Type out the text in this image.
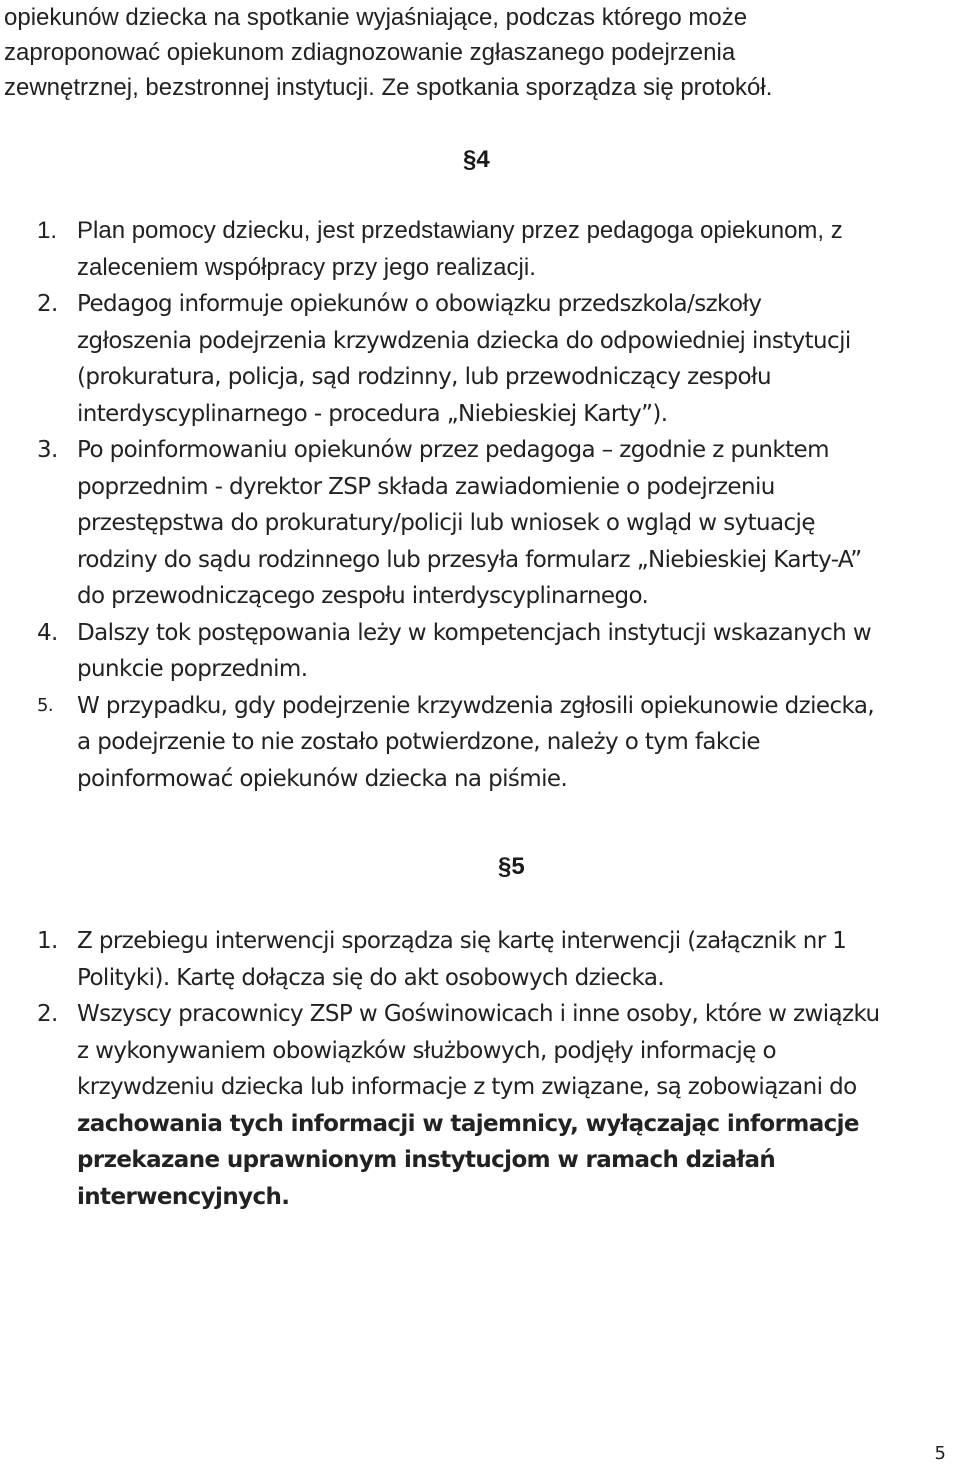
opiekunów dziecka na spotkanie wyjaśniające, podczas którego może
zaproponować opiekunom zdiagnozowanie zgłaszanego podejrzenia
zewnętrznej, bezstronnej instytucji. Ze spotkania sporządza się protokół.
§4
1. Plan pomocy dziecku, jest przedstawiany przez pedagoga opiekunom, z
zaleceniem współpracy przy jego realizacji.
2. Pedagog informuje opiekunów o obowiązku przedszkola/szkoły
zgłoszenia podejrzenia krzywdzenia dziecka do odpowiedniej instytucji
(prokuratura, policja, sąd rodzinny, lub przewodniczący zespołu
interdyscyplinarnego - procedura „Niebieskiej Karty”).
3. Po poinformowaniu opiekunów przez pedagoga – zgodnie z punktem
poprzednim - dyrektor ZSP składa zawiadomienie o podejrzeniu
przestępstwa do prokuratury/policji lub wniosek o wgląd w sytuację
rodziny do sądu rodzinnego lub przesyła formularz „Niebieskiej Karty-A”
do przewodniczącego zespołu interdyscyplinarnego.
4. Dalszy tok postępowania leży w kompetencjach instytucji wskazanych w
punkcie poprzednim.
5. W przypadku, gdy podejrzenie krzywdzenia zgłosili opiekunowie dziecka,
a podejrzenie to nie zostało potwierdzone, należy o tym fakcie
poinformować opiekunów dziecka na piśmie.
§5
1. Z przebiegu interwencji sporządza się kartę interwencji (załącznik nr 1
Polityki). Kartę dołącza się do akt osobowych dziecka.
2. Wszyscy pracownicy ZSP w Goświnowicach i inne osoby, które w związku
z wykonywaniem obowiązków służbowych, podjęły informację o
krzywdzeniu dziecka lub informacje z tym związane, są zobowiązani do
zachowania tych informacji w tajemnicy, wyłączając informacje
przekazane uprawnionym instytucjom w ramach działań
interwencyjnych.
5
